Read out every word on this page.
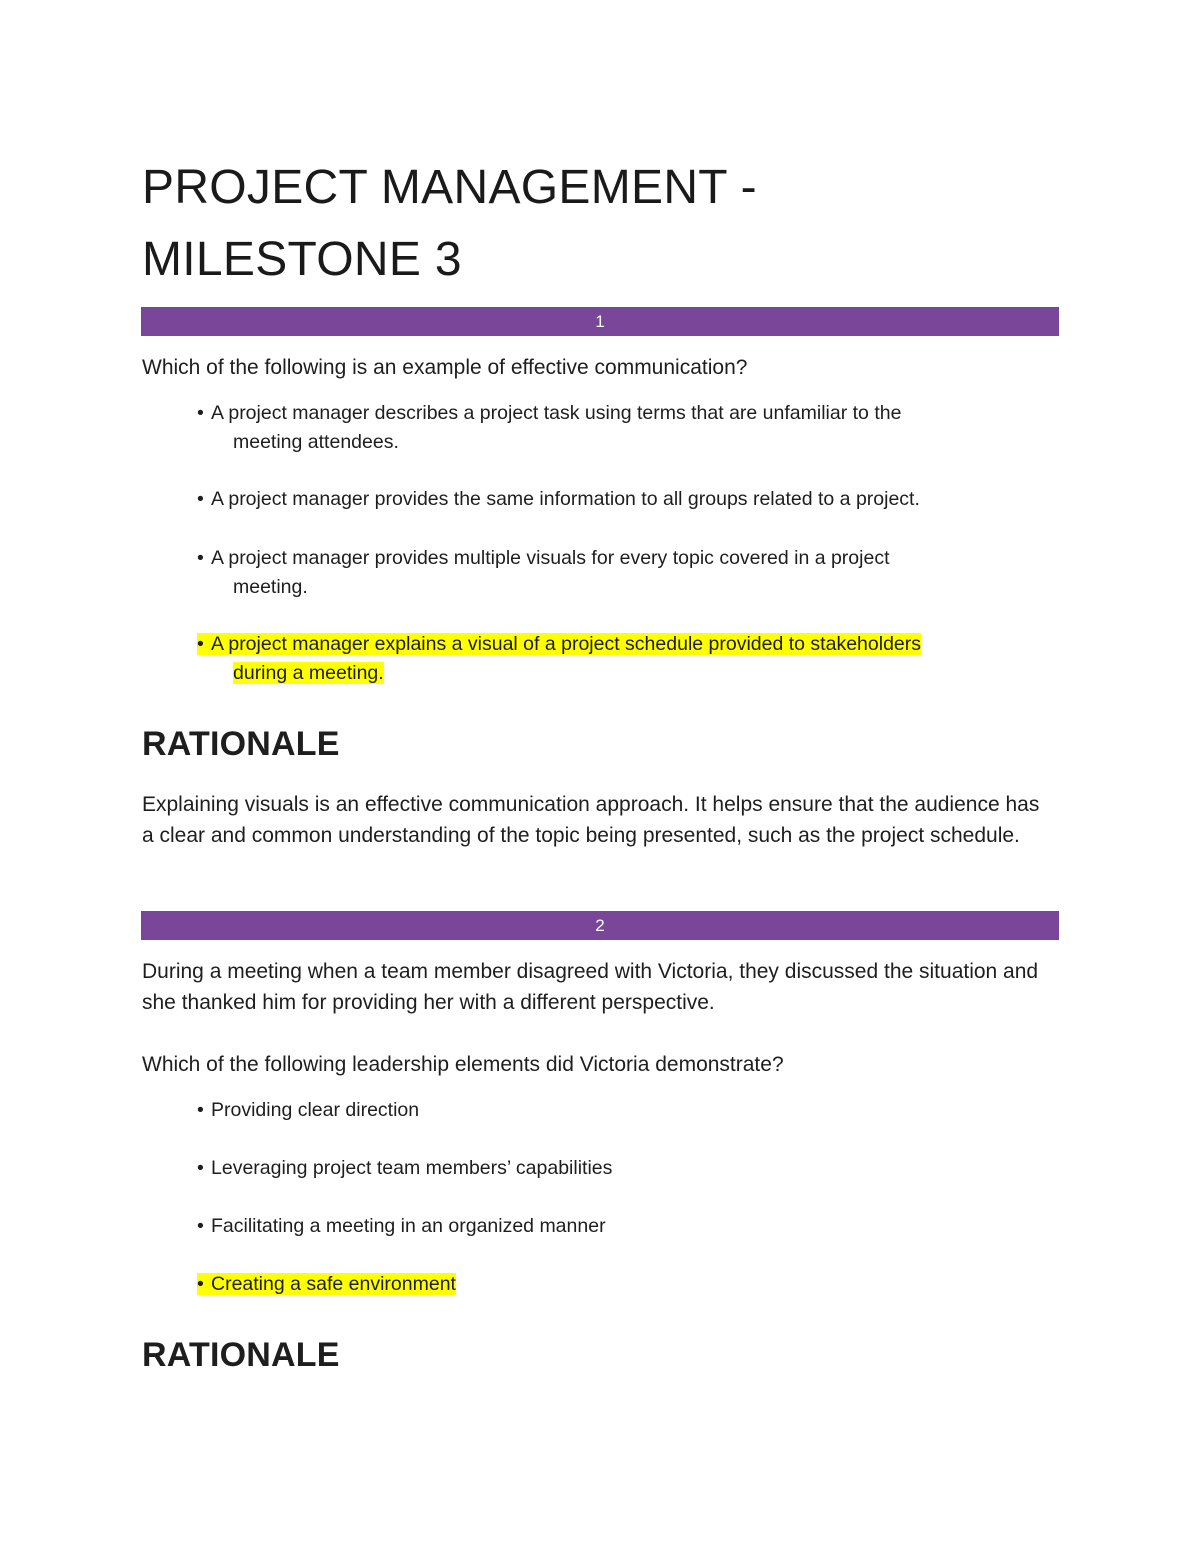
PROJECT MANAGEMENT -
MILESTONE 3
1

Which of the following is an example of effective communication?

• A project manager describes a project task using terms that are unfamiliar to the
meeting attendees.

• A project manager provides the same information to all groups related to a project.

• A project manager provides multiple visuals for every topic covered in a project
meeting.

• A project manager explains a visual of a project schedule provided to stakeholders
during a meeting.

RATIONALE

Explaining visuals is an effective communication approach. It helps ensure that the audience has a clear and common understanding of the topic being presented, such as the project schedule.

2

During a meeting when a team member disagreed with Victoria, they discussed the situation and she thanked him for providing her with a different perspective.

Which of the following leadership elements did Victoria demonstrate?

• Providing clear direction

• Leveraging project team members’ capabilities

• Facilitating a meeting in an organized manner

• Creating a safe environment

RATIONALE
